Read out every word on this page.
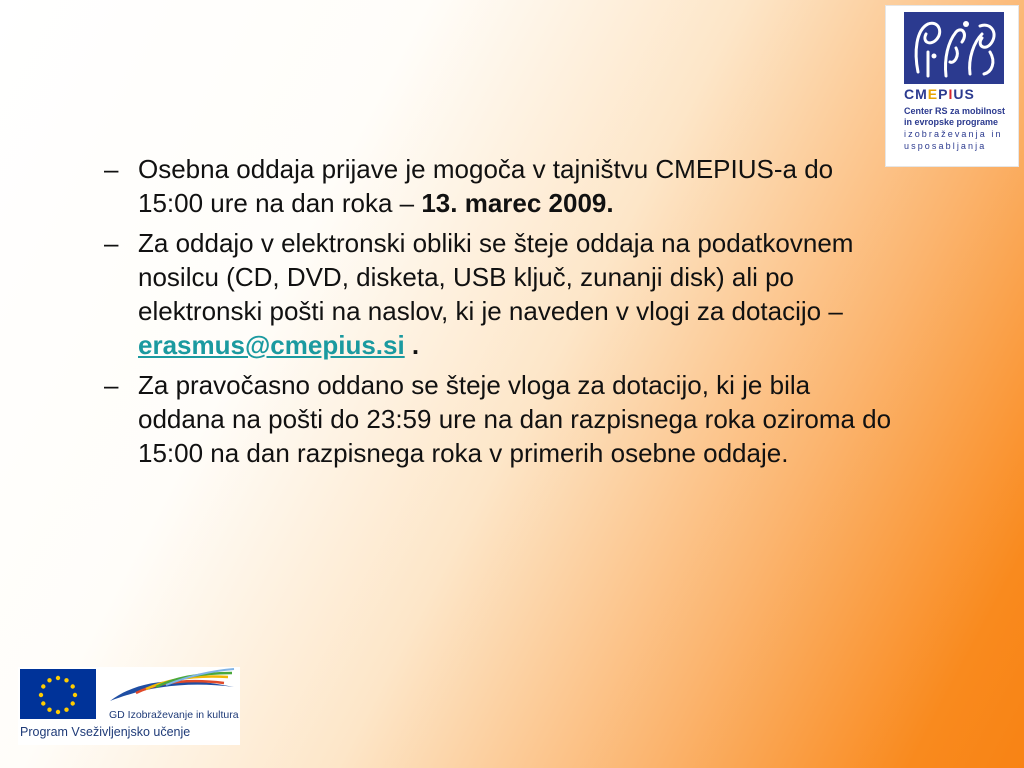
CMEPIUS
Center RS za mobilnost
in evropske programe
izobraževanja in
usposabljanja
– Osebna oddaja prijave je mogoča v tajništvu CMEPIUS-a do 15:00 ure na dan roka – 13. marec 2009.
– Za oddajo v elektronski obliki se šteje oddaja na podatkovnem nosilcu (CD, DVD, disketa, USB ključ, zunanji disk) ali po elektronski pošti na naslov, ki je naveden v vlogi za dotacijo – erasmus@cmepius.si .
– Za pravočasno oddano se šteje vloga za dotacijo, ki je bila oddana na pošti do 23:59 ure na dan razpisnega roka oziroma do 15:00 na dan razpisnega roka v primerih osebne oddaje.
GD Izobraževanje in kultura
Program Vseživljenjsko učenje
